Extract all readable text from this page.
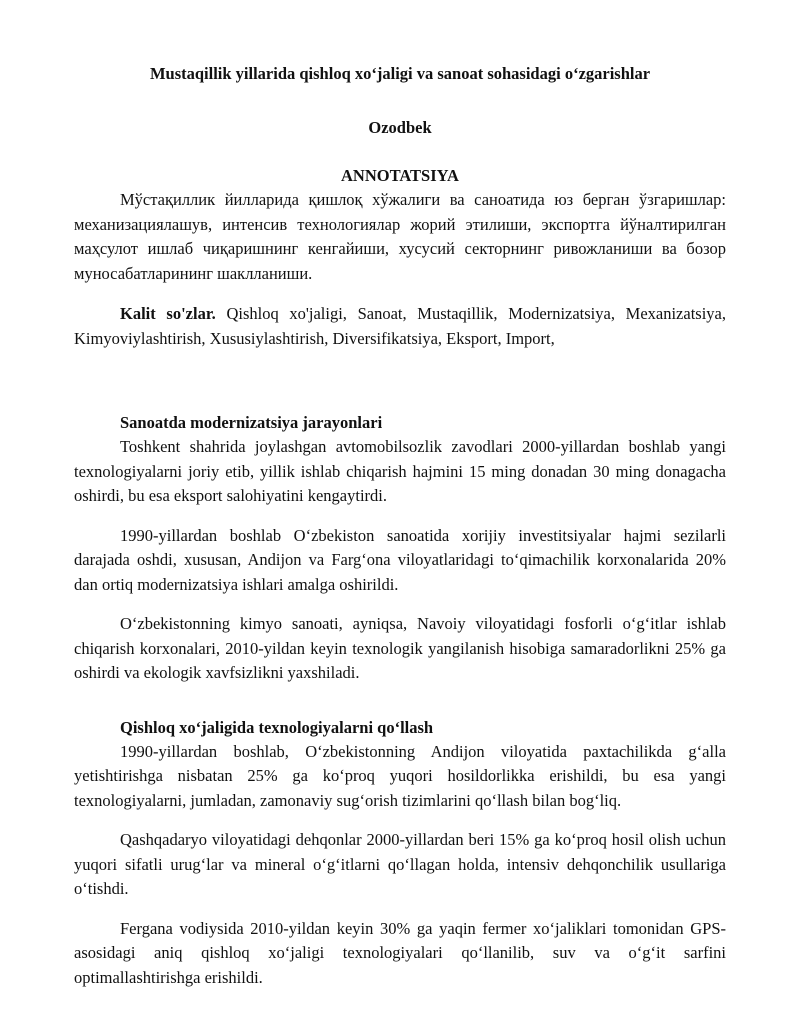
Mustaqillik yillarida qishloq xo‘jaligi va sanoat sohasidagi o‘zgarishlar
Ozodbek
ANNOTATSIYA

Мўстақиллик йилларида қишлоқ хўжалиги ва саноатида юз берган ўзгаришлар: механизациялашув, интенсив технологиялар жорий этилиши, экспортга йўналтирилган маҳсулот ишлаб чиқаришнинг кенгайиши, хусусий секторнинг ривожланиши ва бозор муносабатларининг шаклланиши.

Kalit so'zlar. Qishloq xo'jaligi, Sanoat, Mustaqillik, Modernizatsiya, Mexanizatsiya, Kimyoviylashtirish, Xususiylashtirish, Diversifikatsiya, Eksport, Import,

Sanoatda modernizatsiya jarayonlari

Toshkent shahrida joylashgan avtomobilsozlik zavodlari 2000-yillardan boshlab yangi texnologiyalarni joriy etib, yillik ishlab chiqarish hajmini 15 ming donadan 30 ming donagacha oshirdi, bu esa eksport salohiyatini kengaytirdi.

1990-yillardan boshlab O‘zbekiston sanoatida xorijiy investitsiyalar hajmi sezilarli darajada oshdi, xususan, Andijon va Farg‘ona viloyatlaridagi to‘qimachilik korxonalarida 20% dan ortiq modernizatsiya ishlari amalga oshirildi.

O‘zbekistonning kimyo sanoati, ayniqsa, Navoiy viloyatidagi fosforli o‘g‘itlar ishlab chiqarish korxonalari, 2010-yildan keyin texnologik yangilanish hisobiga samaradorlikni 25% ga oshirdi va ekologik xavfsizlikni yaxshiladi.

Qishloq xo‘jaligida texnologiyalarni qo‘llash

1990-yillardan boshlab, O‘zbekistonning Andijon viloyatida paxtachilikda g‘alla yetishtirishga nisbatan 25% ga ko‘proq yuqori hosildorlikka erishildi, bu esa yangi texnologiyalarni, jumladan, zamonaviy sug‘orish tizimlarini qo‘llash bilan bog‘liq.

Qashqadaryo viloyatidagi dehqonlar 2000-yillardan beri 15% ga ko‘proq hosil olish uchun yuqori sifatli urug‘lar va mineral o‘g‘itlarni qo‘llagan holda, intensiv dehqonchilik usullariga o‘tishdi.

Fergana vodiysida 2010-yildan keyin 30% ga yaqin fermer xo‘jaliklari tomonidan GPS-asosidagi aniq qishloq xo‘jaligi texnologiyalari qo‘llanilib, suv va o‘g‘it sarfini optimallashtirishga erishildi.
